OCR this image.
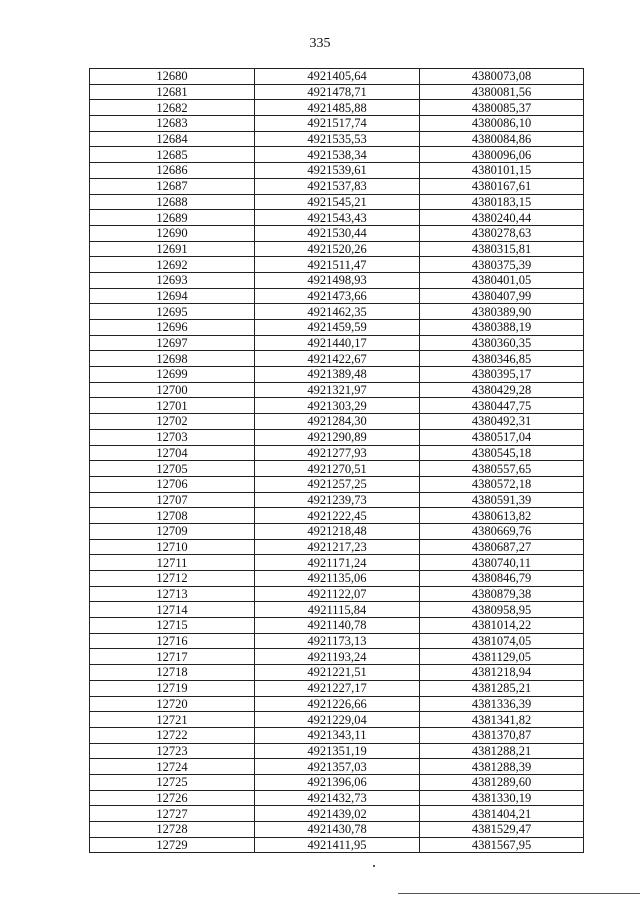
335
12680	4921405,64	4380073,08
12681	4921478,71	4380081,56
12682	4921485,88	4380085,37
12683	4921517,74	4380086,10
12684	4921535,53	4380084,86
12685	4921538,34	4380096,06
12686	4921539,61	4380101,15
12687	4921537,83	4380167,61
12688	4921545,21	4380183,15
12689	4921543,43	4380240,44
12690	4921530,44	4380278,63
12691	4921520,26	4380315,81
12692	4921511,47	4380375,39
12693	4921498,93	4380401,05
12694	4921473,66	4380407,99
12695	4921462,35	4380389,90
12696	4921459,59	4380388,19
12697	4921440,17	4380360,35
12698	4921422,67	4380346,85
12699	4921389,48	4380395,17
12700	4921321,97	4380429,28
12701	4921303,29	4380447,75
12702	4921284,30	4380492,31
12703	4921290,89	4380517,04
12704	4921277,93	4380545,18
12705	4921270,51	4380557,65
12706	4921257,25	4380572,18
12707	4921239,73	4380591,39
12708	4921222,45	4380613,82
12709	4921218,48	4380669,76
12710	4921217,23	4380687,27
12711	4921171,24	4380740,11
12712	4921135,06	4380846,79
12713	4921122,07	4380879,38
12714	4921115,84	4380958,95
12715	4921140,78	4381014,22
12716	4921173,13	4381074,05
12717	4921193,24	4381129,05
12718	4921221,51	4381218,94
12719	4921227,17	4381285,21
12720	4921226,66	4381336,39
12721	4921229,04	4381341,82
12722	4921343,11	4381370,87
12723	4921351,19	4381288,21
12724	4921357,03	4381288,39
12725	4921396,06	4381289,60
12726	4921432,73	4381330,19
12727	4921439,02	4381404,21
12728	4921430,78	4381529,47
12729	4921411,95	4381567,95
